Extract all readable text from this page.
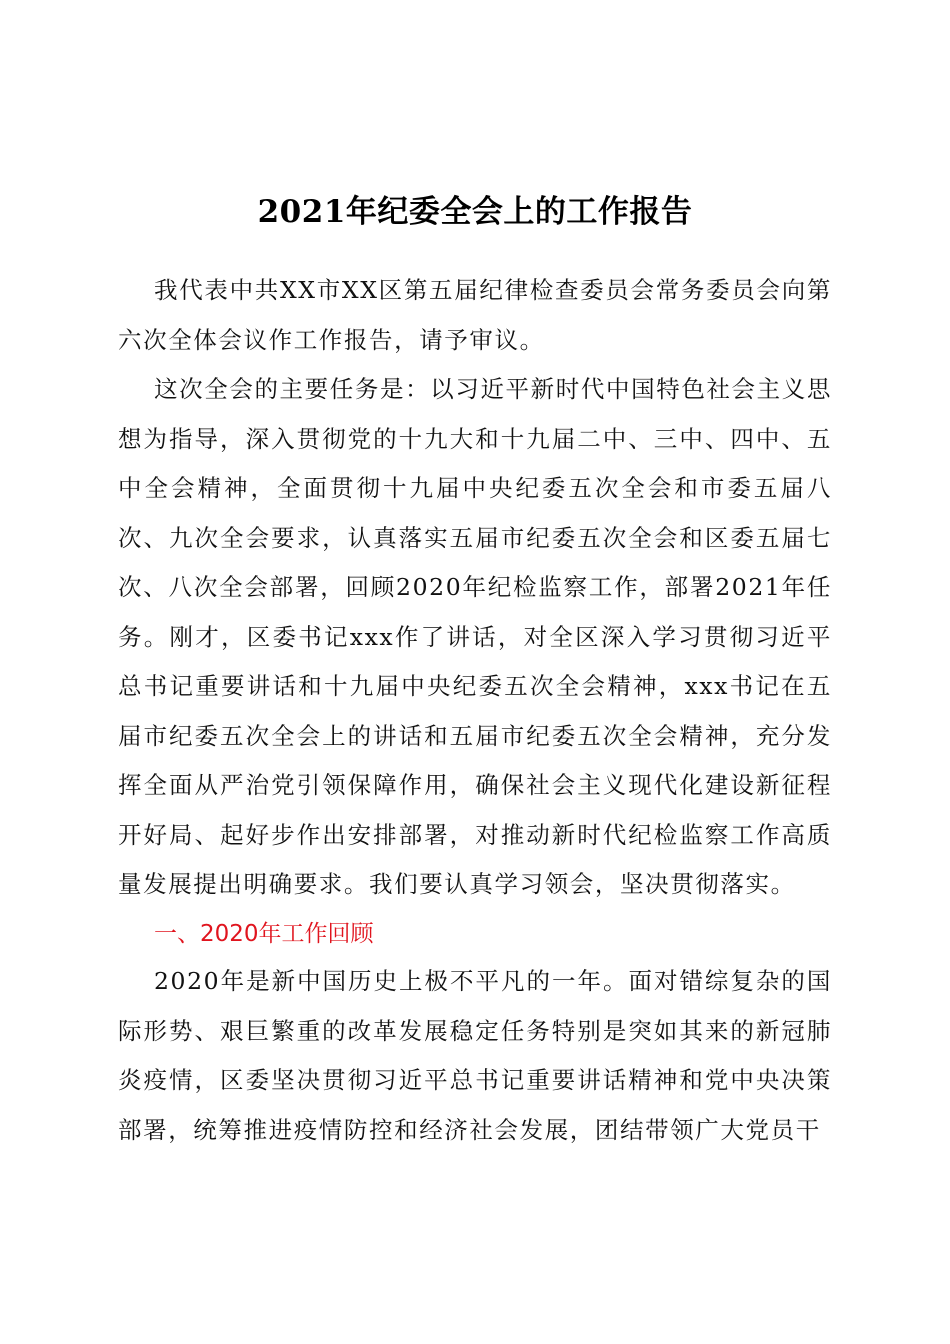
2021年纪委全会上的工作报告

我代表中共XX市XX区第五届纪律检查委员会常务委员会向第六次全体会议作工作报告，请予审议。

这次全会的主要任务是：以习近平新时代中国特色社会主义思想为指导，深入贯彻党的十九大和十九届二中、三中、四中、五中全会精神，全面贯彻十九届中央纪委五次全会和市委五届八次、九次全会要求，认真落实五届市纪委五次全会和区委五届七次、八次全会部署，回顾2020年纪检监察工作，部署2021年任务。刚才，区委书记xxx作了讲话，对全区深入学习贯彻习近平总书记重要讲话和十九届中央纪委五次全会精神，xxx书记在五届市纪委五次全会上的讲话和五届市纪委五次全会精神，充分发挥全面从严治党引领保障作用，确保社会主义现代化建设新征程开好局、起好步作出安排部署，对推动新时代纪检监察工作高质量发展提出明确要求。我们要认真学习领会，坚决贯彻落实。

一、2020年工作回顾

2020年是新中国历史上极不平凡的一年。面对错综复杂的国际形势、艰巨繁重的改革发展稳定任务特别是突如其来的新冠肺炎疫情，区委坚决贯彻习近平总书记重要讲话精神和党中央决策部署，统筹推进疫情防控和经济社会发展，团结带领广大党员干
